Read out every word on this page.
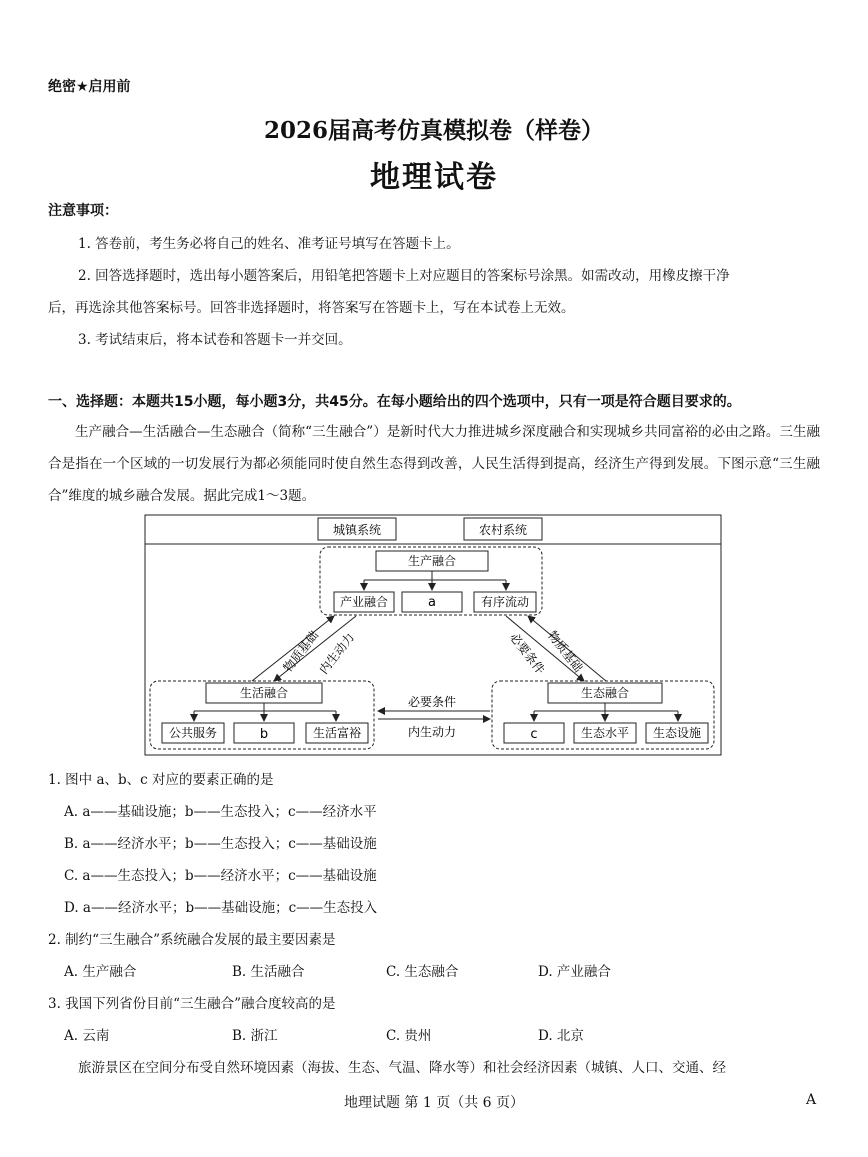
绝密★启用前
2026届高考仿真模拟卷（样卷）
地理试卷
注意事项：
1. 答卷前，考生务必将自己的姓名、准考证号填写在答题卡上。
2. 回答选择题时，选出每小题答案后，用铅笔把答题卡上对应题目的答案标号涂黑。如需改动，用橡皮擦干净
后，再选涂其他答案标号。回答非选择题时，将答案写在答题卡上，写在本试卷上无效。
3. 考试结束后，将本试卷和答题卡一并交回。
一、选择题：本题共15小题，每小题3分，共45分。在每小题给出的四个选项中，只有一项是符合题目要求的。
生产融合—生活融合—生态融合（简称“三生融合”）是新时代大力推进城乡深度融合和实现城乡共同富裕的必由之路。三生融合是指在一个区域的一切发展行为都必须能同时使自然生态得到改善，人民生活得到提高，经济生产得到发展。下图示意“三生融合”维度的城乡融合发展。据此完成1～3题。
城镇系统	农村系统
生产融合
产业融合	a	有序流动
生活融合
公共服务	b	生活富裕
生态融合
c	生态水平 生态设施
物质基础
内生动力	必要条件
物质基础
必要条件
内生动力
1. 图中 a、b、c 对应的要素正确的是
A. a——基础设施；b——生态投入；c——经济水平
B. a——经济水平；b——生态投入；c——基础设施
C. a——生态投入；b——经济水平；c——基础设施
D. a——经济水平；b——基础设施；c——生态投入
2. 制约“三生融合”系统融合发展的最主要因素是
A. 生产融合	B. 生活融合	C. 生态融合	D. 产业融合
3. 我国下列省份目前“三生融合”融合度较高的是
A. 云南	B. 浙江	C. 贵州	D. 北京
旅游景区在空间分布受自然环境因素（海拔、生态、气温、降水等）和社会经济因素（城镇、人口、交通、经
地理试题 第 1 页（共 6 页）	A
